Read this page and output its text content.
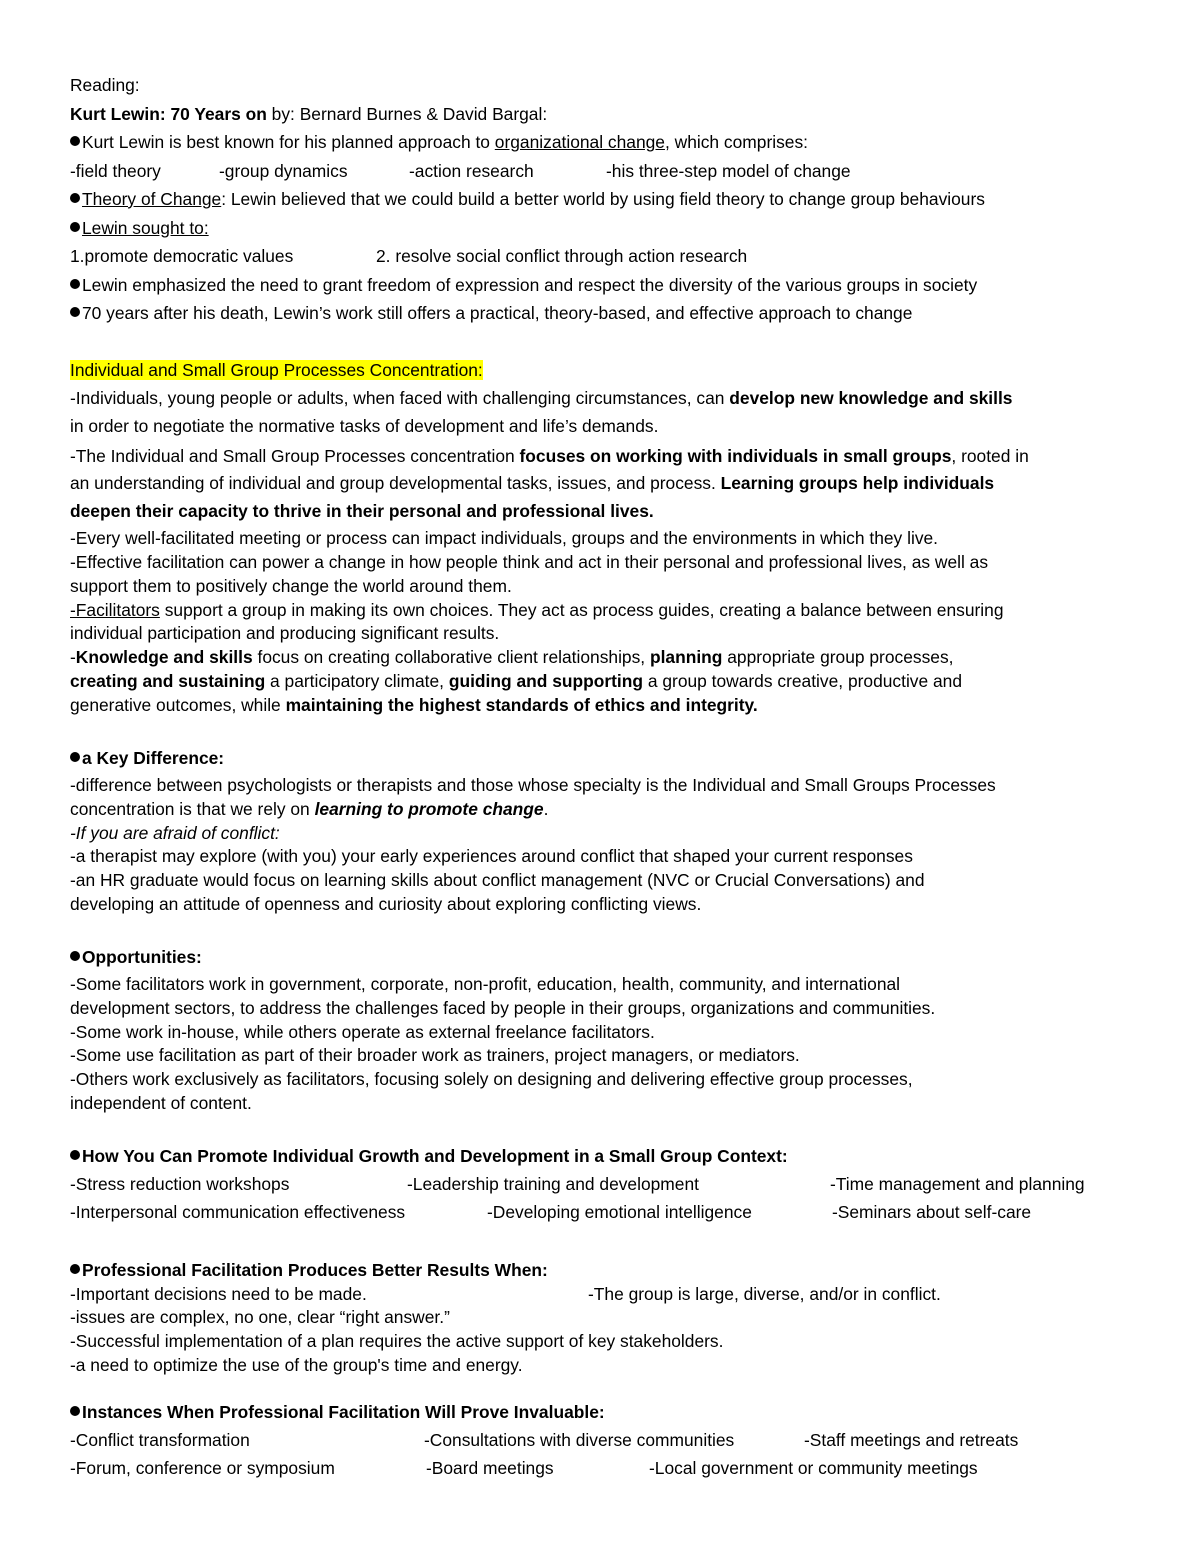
Reading:
Kurt Lewin: 70 Years on by: Bernard Burnes & David Bargal:
Kurt Lewin is best known for his planned approach to organizational change, which comprises:
-field theory	-group dynamics	-action research	-his three-step model of change
Theory of Change: Lewin believed that we could build a better world by using field theory to change group behaviours
Lewin sought to:
1.promote democratic values	2. resolve social conflict through action research
Lewin emphasized the need to grant freedom of expression and respect the diversity of the various groups in society
70 years after his death, Lewin’s work still offers a practical, theory-based, and effective approach to change
Individual and Small Group Processes Concentration:
-Individuals, young people or adults, when faced with challenging circumstances, can develop new knowledge and skills
in order to negotiate the normative tasks of development and life’s demands.
-The Individual and Small Group Processes concentration focuses on working with individuals in small groups, rooted in
an understanding of individual and group developmental tasks, issues, and process. Learning groups help individuals
deepen their capacity to thrive in their personal and professional lives.
-Every well-facilitated meeting or process can impact individuals, groups and the environments in which they live.
-Effective facilitation can power a change in how people think and act in their personal and professional lives, as well as
support them to positively change the world around them.
-Facilitators support a group in making its own choices. They act as process guides, creating a balance between ensuring
individual participation and producing significant results.
-Knowledge and skills focus on creating collaborative client relationships, planning appropriate group processes,
creating and sustaining a participatory climate, guiding and supporting a group towards creative, productive and
generative outcomes, while maintaining the highest standards of ethics and integrity.
a Key Difference:
-difference between psychologists or therapists and those whose specialty is the Individual and Small Groups Processes
concentration is that we rely on learning to promote change.
-If you are afraid of conflict:
-a therapist may explore (with you) your early experiences around conflict that shaped your current responses
-an HR graduate would focus on learning skills about conflict management (NVC or Crucial Conversations) and
developing an attitude of openness and curiosity about exploring conflicting views.
Opportunities:
-Some facilitators work in government, corporate, non-profit, education, health, community, and international
development sectors, to address the challenges faced by people in their groups, organizations and communities.
-Some work in-house, while others operate as external freelance facilitators.
-Some use facilitation as part of their broader work as trainers, project managers, or mediators.
-Others work exclusively as facilitators, focusing solely on designing and delivering effective group processes,
independent of content.
How You Can Promote Individual Growth and Development in a Small Group Context:
-Stress reduction workshops	-Leadership training and development	-Time management and planning
-Interpersonal communication effectiveness	-Developing emotional intelligence	-Seminars about self-care
Professional Facilitation Produces Better Results When:
-Important decisions need to be made.	-The group is large, diverse, and/or in conflict.
-issues are complex, no one, clear “right answer.”
-Successful implementation of a plan requires the active support of key stakeholders.
-a need to optimize the use of the group's time and energy.
Instances When Professional Facilitation Will Prove Invaluable:
-Conflict transformation	-Consultations with diverse communities	-Staff meetings and retreats
-Forum, conference or symposium	-Board meetings	-Local government or community meetings
